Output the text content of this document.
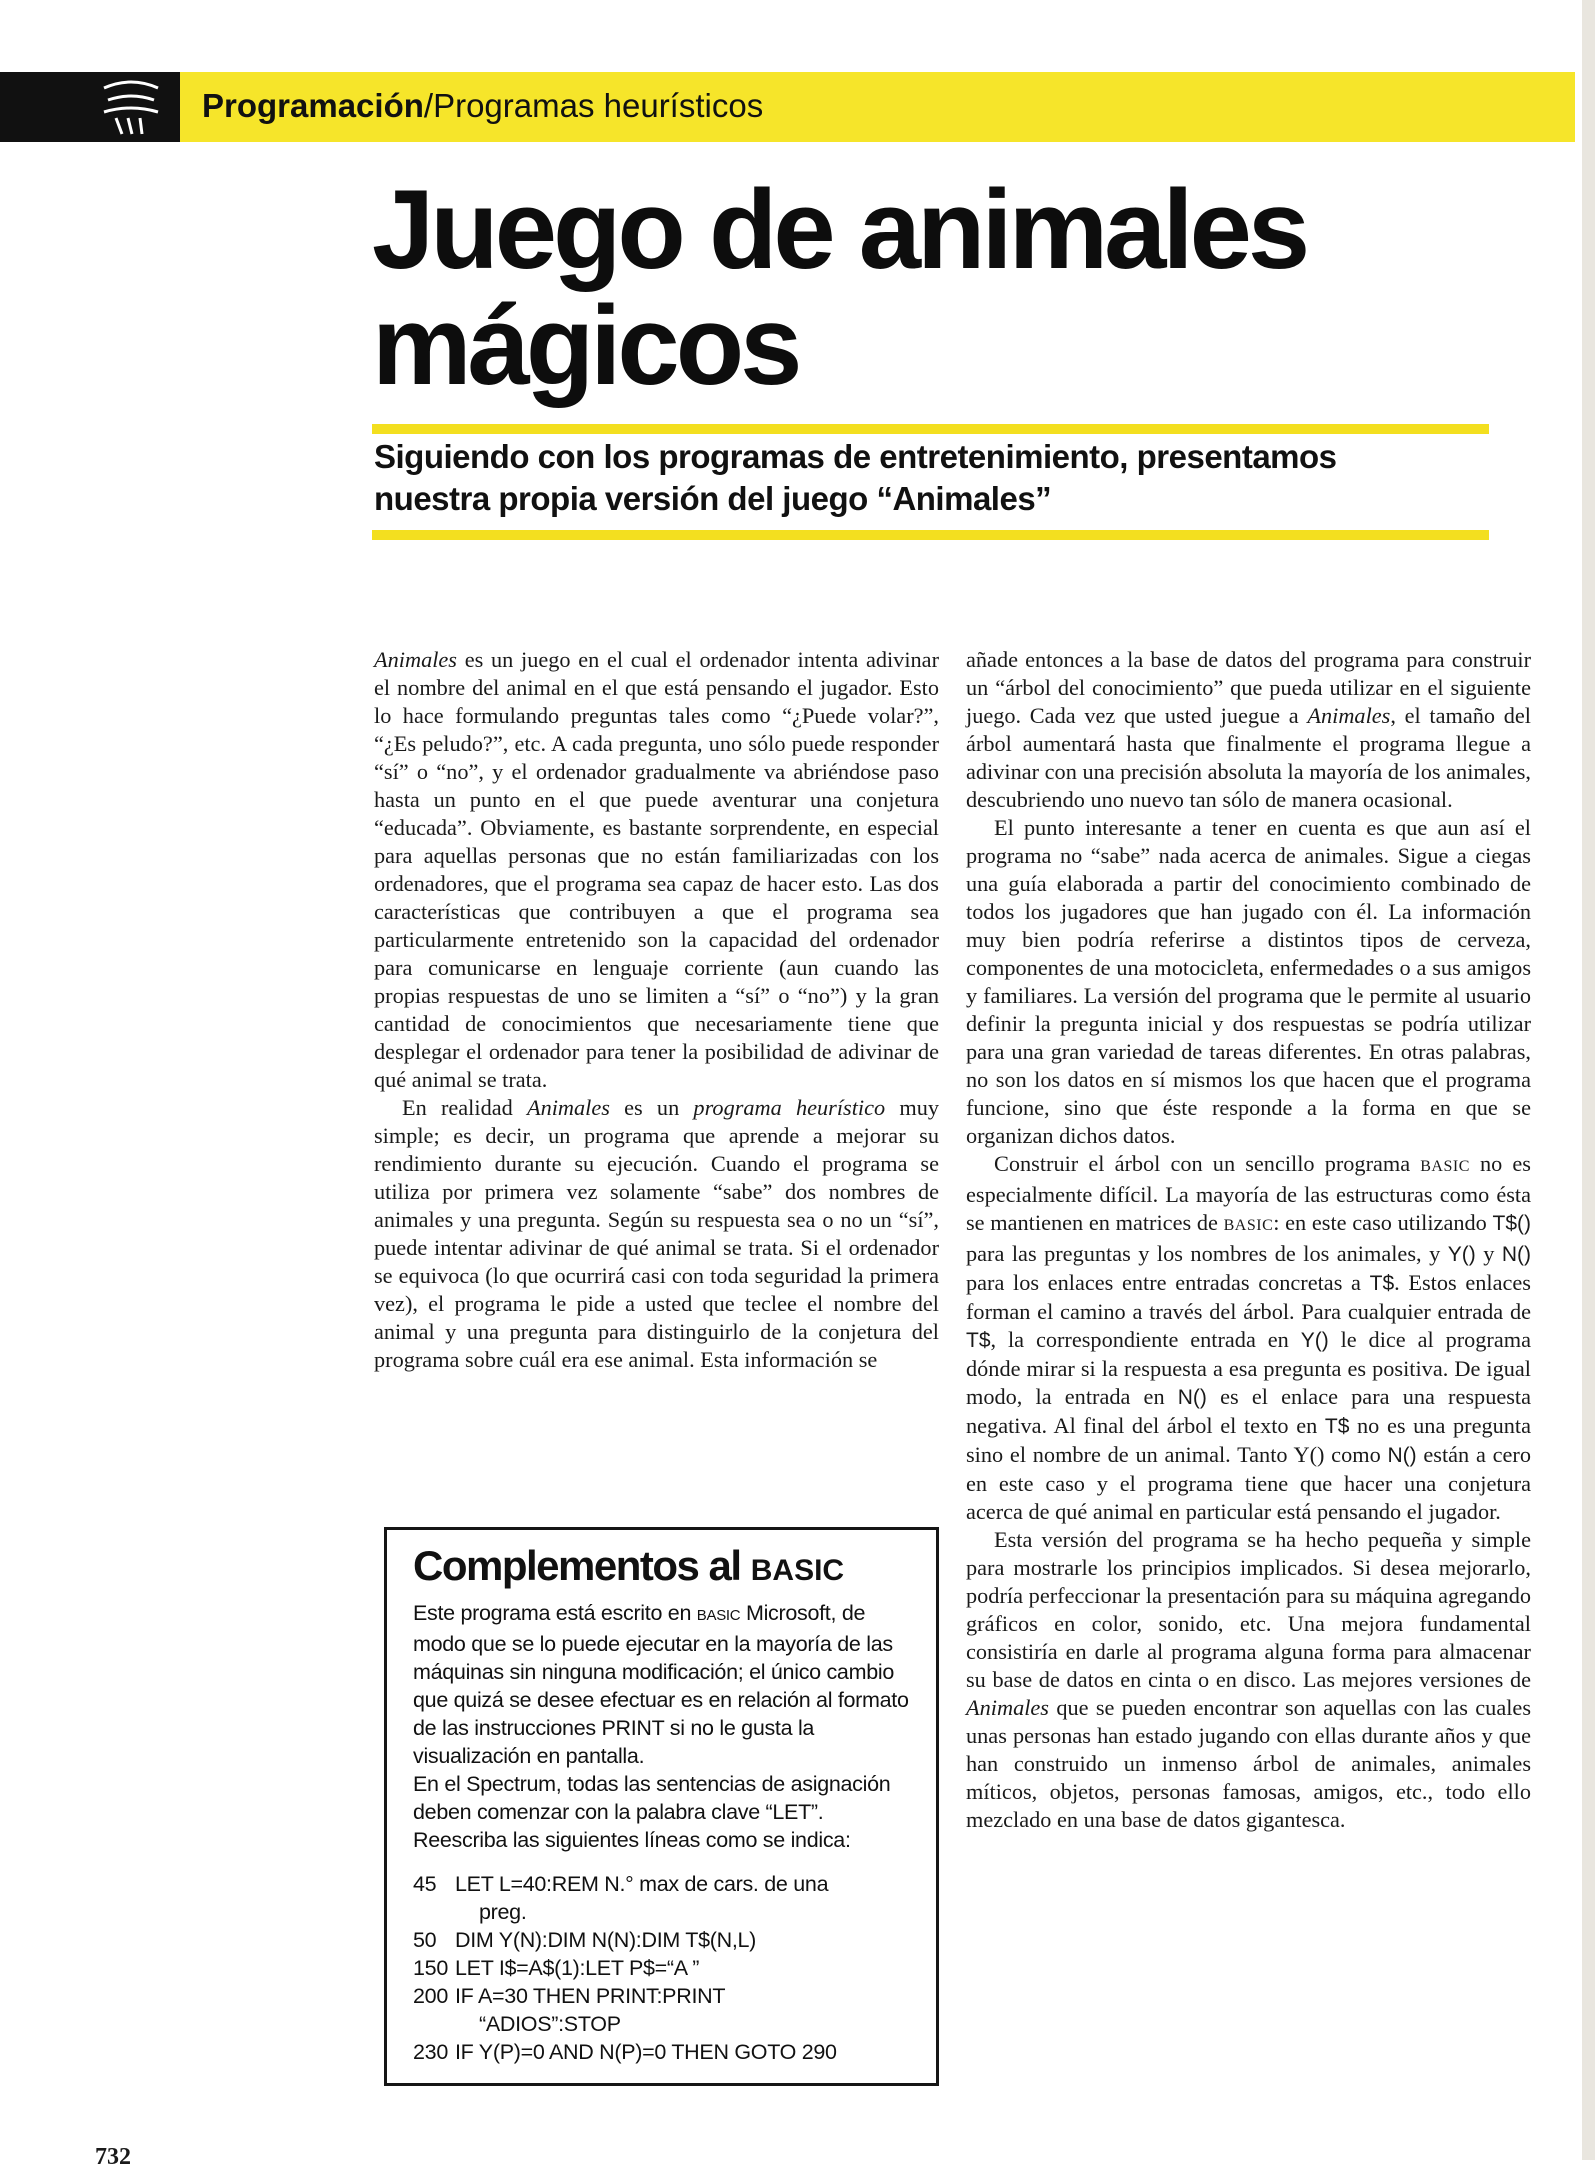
Programación/Programas heurísticos
Juego de animales
mágicos
Siguiendo con los programas de entretenimiento, presentamos
nuestra propia versión del juego “Animales”

Animales es un juego en el cual el ordenador intenta adivinar el nombre del animal en el que está pensando el jugador. Esto lo hace formulando preguntas tales como “¿Puede volar?”, “¿Es peludo?”, etc. A cada pregunta, uno sólo puede responder “sí” o “no”, y el ordenador gradualmente va abriéndose paso hasta un punto en el que puede aventurar una conjetura “educada”. Obviamente, es bastante sorprendente, en especial para aquellas personas que no están familiarizadas con los ordenadores, que el programa sea capaz de hacer esto. Las dos características que contribuyen a que el programa sea particularmente entretenido son la capacidad del ordenador para comunicarse en lenguaje corriente (aun cuando las propias respuestas de uno se limiten a “sí” o “no”) y la gran cantidad de conocimientos que necesariamente tiene que desplegar el ordenador para tener la posibilidad de adivinar de qué animal se trata.

En realidad Animales es un programa heurístico muy simple; es decir, un programa que aprende a mejorar su rendimiento durante su ejecución. Cuando el programa se utiliza por primera vez solamente “sabe” dos nombres de animales y una pregunta. Según su respuesta sea o no un “sí”, puede intentar adivinar de qué animal se trata. Si el ordenador se equivoca (lo que ocurrirá casi con toda seguridad la primera vez), el programa le pide a usted que teclee el nombre del animal y una pregunta para distinguirlo de la conjetura del programa sobre cuál era ese animal. Esta información se

Complementos al BASIC

Este programa está escrito en BASIC Microsoft, de modo que se lo puede ejecutar en la mayoría de las máquinas sin ninguna modificación; el único cambio que quizá se desee efectuar es en relación al formato de las instrucciones PRINT si no le gusta la visualización en pantalla.

En el Spectrum, todas las sentencias de asignación deben comenzar con la palabra clave “LET”. Reescriba las siguientes líneas como se indica:

45 LET L=40:REM N.° max de cars. de una
preg.
50 DIM Y(N):DIM N(N):DIM T$(N,L)
150 LET I$=A$(1):LET P$=“A ”
200 IF A=30 THEN PRINT:PRINT
“ADIOS”:STOP
230 IF Y(P)=0 AND N(P)=0 THEN GOTO 290

añade entonces a la base de datos del programa para construir un “árbol del conocimiento” que pueda utilizar en el siguiente juego. Cada vez que usted juegue a Animales, el tamaño del árbol aumentará hasta que finalmente el programa llegue a adivinar con una precisión absoluta la mayoría de los animales, descubriendo uno nuevo tan sólo de manera ocasional.

El punto interesante a tener en cuenta es que aun así el programa no “sabe” nada acerca de animales. Sigue a ciegas una guía elaborada a partir del conocimiento combinado de todos los jugadores que han jugado con él. La información muy bien podría referirse a distintos tipos de cerveza, componentes de una motocicleta, enfermedades o a sus amigos y familiares. La versión del programa que le permite al usuario definir la pregunta inicial y dos respuestas se podría utilizar para una gran variedad de tareas diferentes. En otras palabras, no son los datos en sí mismos los que hacen que el programa funcione, sino que éste responde a la forma en que se organizan dichos datos.

Construir el árbol con un sencillo programa BASIC no es especialmente difícil. La mayoría de las estructuras como ésta se mantienen en matrices de BASIC: en este caso utilizando T$() para las preguntas y los nombres de los animales, y Y() y N() para los enlaces entre entradas concretas a T$. Estos enlaces forman el camino a través del árbol. Para cualquier entrada de T$, la correspondiente entrada en Y() le dice al programa dónde mirar si la respuesta a esa pregunta es positiva. De igual modo, la entrada en N() es el enlace para una respuesta negativa. Al final del árbol el texto en T$ no es una pregunta sino el nombre de un animal. Tanto Y() como N() están a cero en este caso y el programa tiene que hacer una conjetura acerca de qué animal en particular está pensando el jugador.

Esta versión del programa se ha hecho pequeña y simple para mostrarle los principios implicados. Si desea mejorarlo, podría perfeccionar la presentación para su máquina agregando gráficos en color, sonido, etc. Una mejora fundamental consistiría en darle al programa alguna forma para almacenar su base de datos en cinta o en disco. Las mejores versiones de Animales que se pueden encontrar son aquellas con las cuales unas personas han estado jugando con ellas durante años y que han construido un inmenso árbol de animales, animales míticos, objetos, personas famosas, amigos, etc., todo ello mezclado en una base de datos gigantesca.

732
